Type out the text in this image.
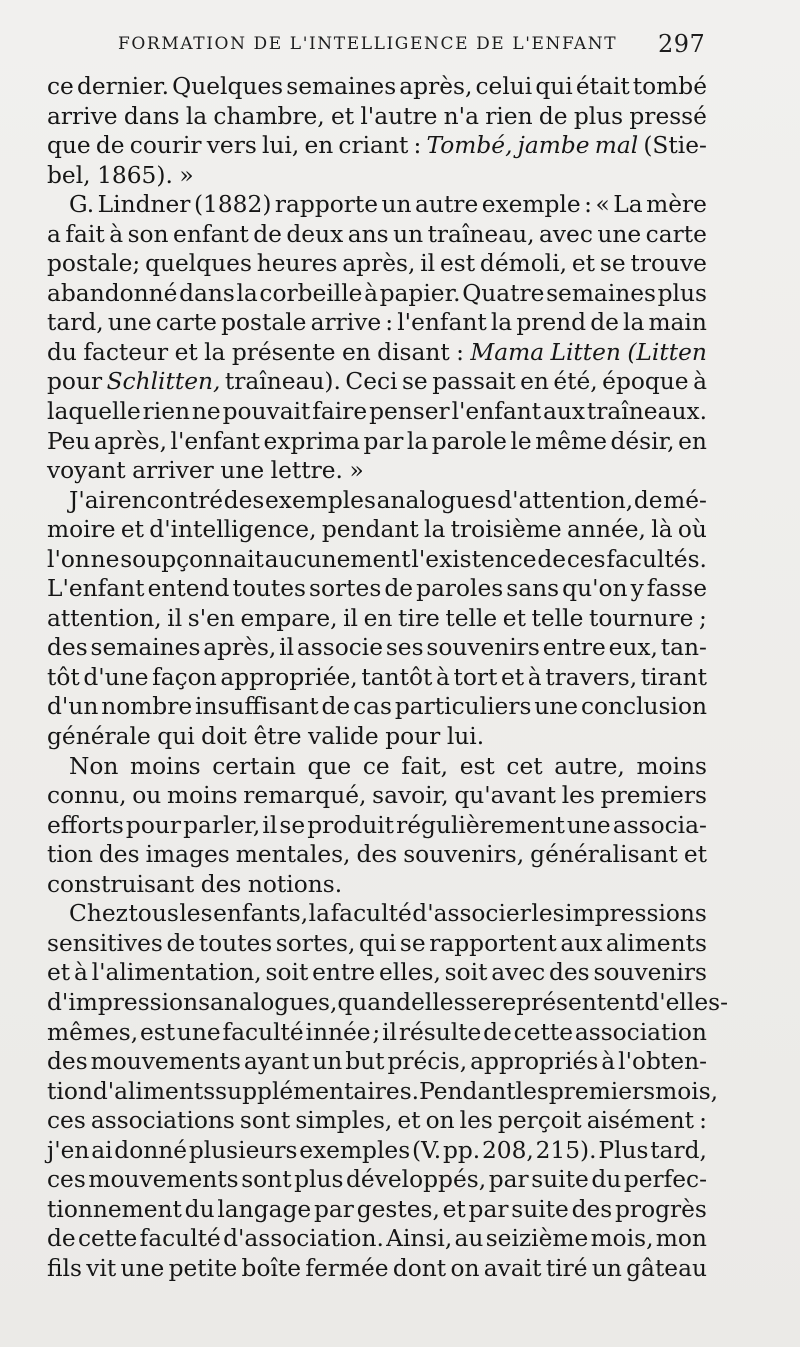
FORMATION DE L'INTELLIGENCE DE L'ENFANT	297
ce dernier. Quelques semaines après, celui qui était tombé
arrive dans la chambre, et l'autre n'a rien de plus pressé
que de courir vers lui, en criant : Tombé, jambe mal (Stie-
bel, 1865). »
G. Lindner (1882) rapporte un autre exemple : « La mère
a fait à son enfant de deux ans un traîneau, avec une carte
postale; quelques heures après, il est démoli, et se trouve
abandonné dans la corbeille à papier. Quatre semaines plus
tard, une carte postale arrive : l'enfant la prend de la main
du facteur et la présente en disant : Mama Litten (Litten
pour Schlitten, traîneau). Ceci se passait en été, époque à
laquelle rien ne pouvait faire penser l'enfant aux traîneaux.
Peu après, l'enfant exprima par la parole le même désir, en
voyant arriver une lettre. »
J'ai rencontré des exemples analogues d'attention, de mé-
moire et d'intelligence, pendant la troisième année, là où
l'on ne soupçonnait aucunement l'existence de ces facultés.
L'enfant entend toutes sortes de paroles sans qu'on y fasse
attention, il s'en empare, il en tire telle et telle tournure ;
des semaines après, il associe ses souvenirs entre eux, tan-
tôt d'une façon appropriée, tantôt à tort et à travers, tirant
d'un nombre insuffisant de cas particuliers une conclusion
générale qui doit être valide pour lui.
Non moins certain que ce fait, est cet autre, moins
connu, ou moins remarqué, savoir, qu'avant les premiers
efforts pour parler, il se produit régulièrement une associa-
tion des images mentales, des souvenirs, généralisant et
construisant des notions.
Chez tous les enfants, la faculté d'associer les impressions
sensitives de toutes sortes, qui se rapportent aux aliments
et à l'alimentation, soit entre elles, soit avec des souvenirs
d'impressions analogues, quand elles se représentent d'elles-
mêmes, est une faculté innée ; il résulte de cette association
des mouvements ayant un but précis, appropriés à l'obten-
tion d'aliments supplémentaires. Pendant les premiers mois,
ces associations sont simples, et on les perçoit aisément :
j'en ai donné plusieurs exemples (V. pp. 208, 215). Plus tard,
ces mouvements sont plus développés, par suite du perfec-
tionnement du langage par gestes, et par suite des progrès
de cette faculté d'association. Ainsi, au seizième mois, mon
fils vit une petite boîte fermée dont on avait tiré un gâteau
